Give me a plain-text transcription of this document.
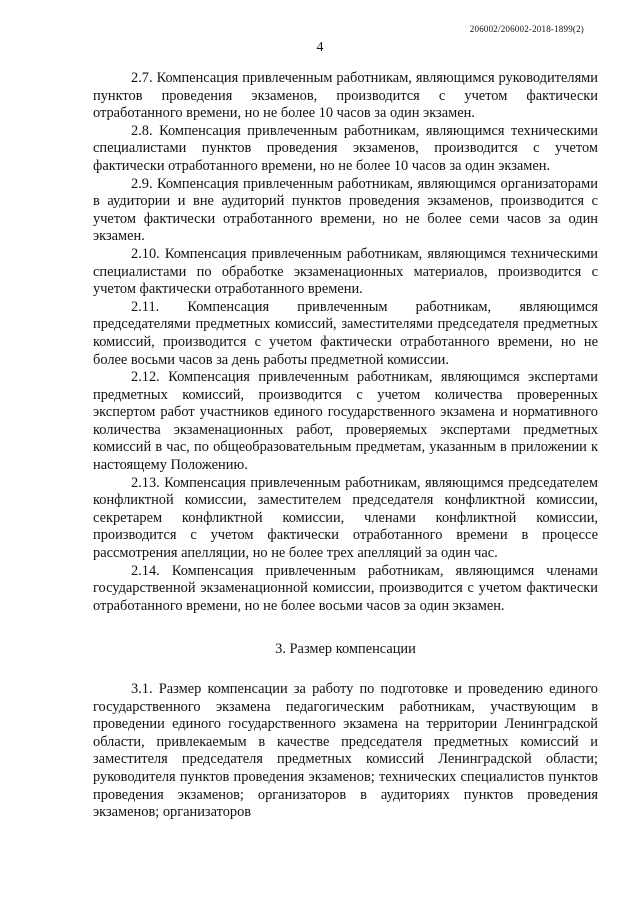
206002/206002-2018-1899(2)
4

2.7. Компенсация привлеченным работникам, являющимся руководителями пунктов проведения экзаменов, производится с учетом фактически отработанного времени, но не более 10 часов за один экзамен.

2.8. Компенсация привлеченным работникам, являющимся техническими специалистами пунктов проведения экзаменов, производится с учетом фактически отработанного времени, но не более 10 часов за один экзамен.

2.9. Компенсация привлеченным работникам, являющимся организаторами в аудитории и вне аудиторий пунктов проведения экзаменов, производится с учетом фактически отработанного времени, но не более семи часов за один экзамен.

2.10. Компенсация привлеченным работникам, являющимся техническими специалистами по обработке экзаменационных материалов, производится с учетом фактически отработанного времени.

2.11. Компенсация привлеченным работникам, являющимся председателями предметных комиссий, заместителями председателя предметных комиссий, производится с учетом фактически отработанного времени, но не более восьми часов за день работы предметной комиссии.

2.12. Компенсация привлеченным работникам, являющимся экспертами предметных комиссий, производится с учетом количества проверенных экспертом работ участников единого государственного экзамена и нормативного количества экзаменационных работ, проверяемых экспертами предметных комиссий в час, по общеобразовательным предметам, указанным в приложении к настоящему Положению.

2.13. Компенсация привлеченным работникам, являющимся председателем конфликтной комиссии, заместителем председателя конфликтной комиссии, секретарем конфликтной комиссии, членами конфликтной комиссии, производится с учетом фактически отработанного времени в процессе рассмотрения апелляции, но не более трех апелляций за один час.

2.14. Компенсация привлеченным работникам, являющимся членами государственной экзаменационной комиссии, производится с учетом фактически отработанного времени, но не более восьми часов за один экзамен.

3. Размер компенсации

3.1. Размер компенсации за работу по подготовке и проведению единого государственного экзамена педагогическим работникам, участвующим в проведении единого государственного экзамена на территории Ленинградской области, привлекаемым в качестве председателя предметных комиссий и заместителя председателя предметных комиссий Ленинградской области; руководителя пунктов проведения экзаменов; технических специалистов пунктов проведения экзаменов; организаторов в аудиториях пунктов проведения экзаменов; организаторов
